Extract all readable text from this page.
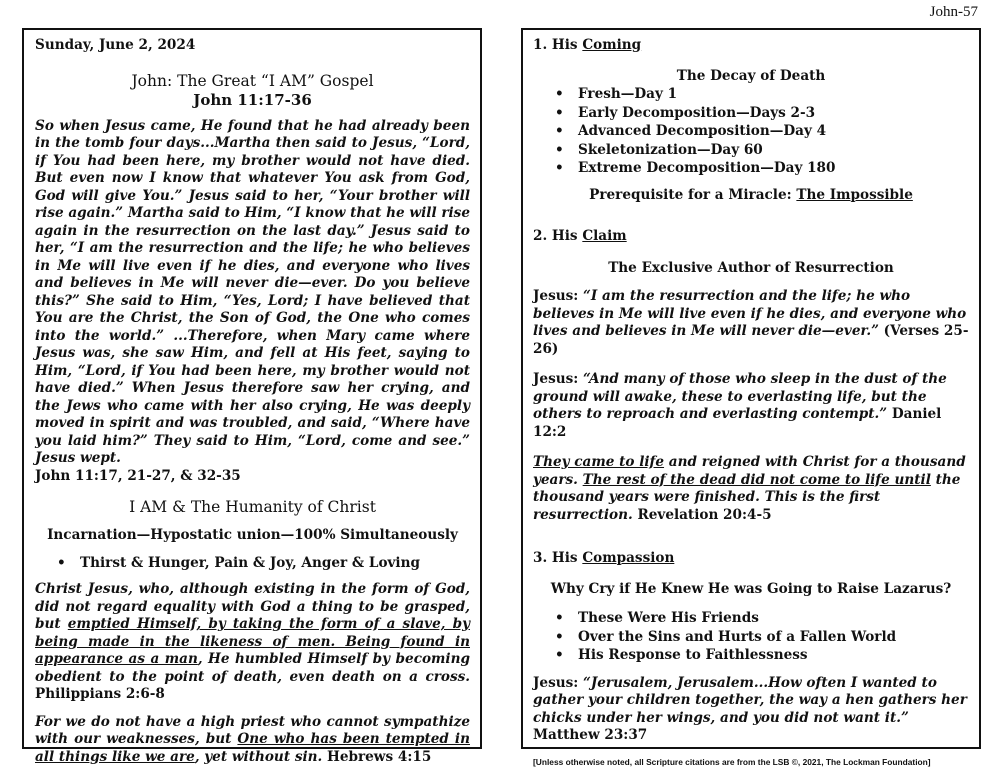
John-57
Sunday, June 2, 2024
John: The Great “I AM” Gospel
John 11:17-36

So when Jesus came, He found that he had already been in the tomb four days...Martha then said to Jesus, “Lord, if You had been here, my brother would not have died. But even now I know that whatever You ask from God, God will give You.” Jesus said to her, “Your brother will rise again.” Martha said to Him, “I know that he will rise again in the resurrection on the last day.” Jesus said to her, “I am the resurrection and the life; he who believes in Me will live even if he dies, and everyone who lives and believes in Me will never die—ever. Do you believe this?” She said to Him, “Yes, Lord; I have believed that You are the Christ, the Son of God, the One who comes into the world.” ...Therefore, when Mary came where Jesus was, she saw Him, and fell at His feet, saying to Him, “Lord, if You had been here, my brother would not have died.” When Jesus therefore saw her crying, and the Jews who came with her also crying, He was deeply moved in spirit and was troubled, and said, “Where have you laid him?” They said to Him, “Lord, come and see.” Jesus wept.

John 11:17, 21-27, & 32-35

I AM & The Humanity of Christ
Incarnation—Hypostatic union—100% Simultaneously
• Thirst & Hunger, Pain & Joy, Anger & Loving

Christ Jesus, who, although existing in the form of God, did not regard equality with God a thing to be grasped, but emptied Himself, by taking the form of a slave, by being made in the likeness of men. Being found in appearance as a man, He humbled Himself by becoming obedient to the point of death, even death on a cross. Philippians 2:6-8

For we do not have a high priest who cannot sympathize with our weaknesses, but One who has been tempted in all things like we are, yet without sin. Hebrews 4:15

1. His Coming
The Decay of Death
• Fresh—Day 1
• Early Decomposition—Days 2-3
• Advanced Decomposition—Day 4
• Skeletonization—Day 60
• Extreme Decomposition—Day 180
Prerequisite for a Miracle: The Impossible
2. His Claim
The Exclusive Author of Resurrection

Jesus: “I am the resurrection and the life; he who believes in Me will live even if he dies, and everyone who lives and believes in Me will never die—ever.” (Verses 25-26)

Jesus: “And many of those who sleep in the dust of the ground will awake, these to everlasting life, but the others to reproach and everlasting contempt.” Daniel 12:2

They came to life and reigned with Christ for a thousand years. The rest of the dead did not come to life until the thousand years were finished. This is the first resurrection. Revelation 20:4-5

3. His Compassion
Why Cry if He Knew He was Going to Raise Lazarus?
• These Were His Friends
• Over the Sins and Hurts of a Fallen World
• His Response to Faithlessness

Jesus: “Jerusalem, Jerusalem...How often I wanted to gather your children together, the way a hen gathers her chicks under her wings, and you did not want it.” Matthew 23:37

[Unless otherwise noted, all Scripture citations are from the LSB ©, 2021, The Lockman Foundation]
